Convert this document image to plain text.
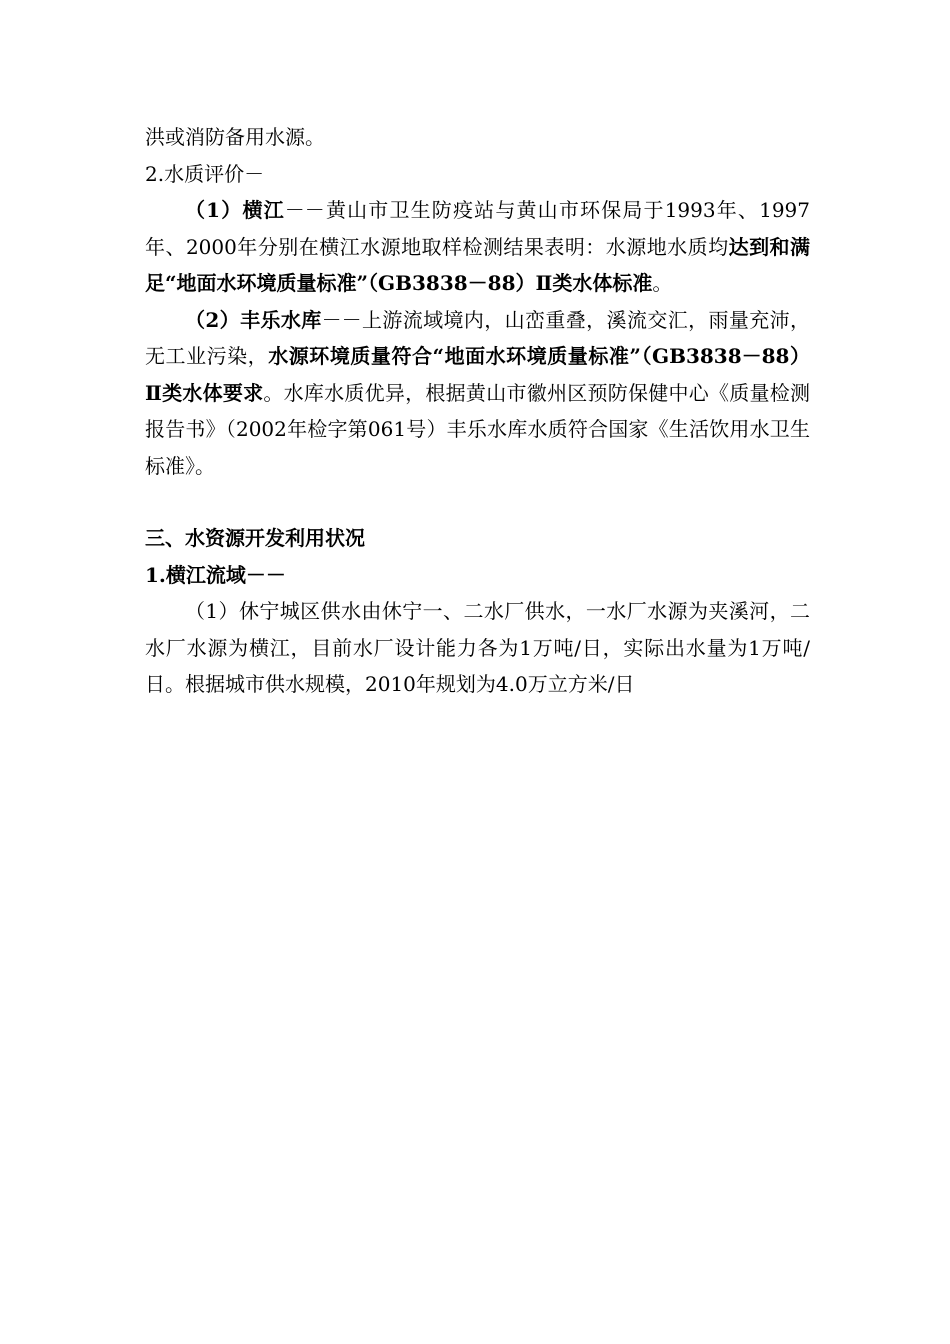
洪或消防备用水源。

2.水质评价－

（1）横江－－黄山市卫生防疫站与黄山市环保局于1993年、1997年、2000年分别在横江水源地取样检测结果表明：水源地水质均达到和满足“地面水环境质量标准”（GB3838－88）Ⅱ类水体标准。

（2）丰乐水库－－上游流域境内，山峦重叠，溪流交汇，雨量充沛，无工业污染，水源环境质量符合“地面水环境质量标准”（GB3838－88）Ⅱ类水体要求。水库水质优异，根据黄山市徽州区预防保健中心《质量检测报告书》（2002年检字第061号）丰乐水库水质符合国家《生活饮用水卫生标准》。

三、水资源开发利用状况

1.横江流域－－

（1）休宁城区供水由休宁一、二水厂供水，一水厂水源为夹溪河，二水厂水源为横江，目前水厂设计能力各为1万吨/日，实际出水量为1万吨/日。根据城市供水规模，2010年规划为4.0万立方米/日
